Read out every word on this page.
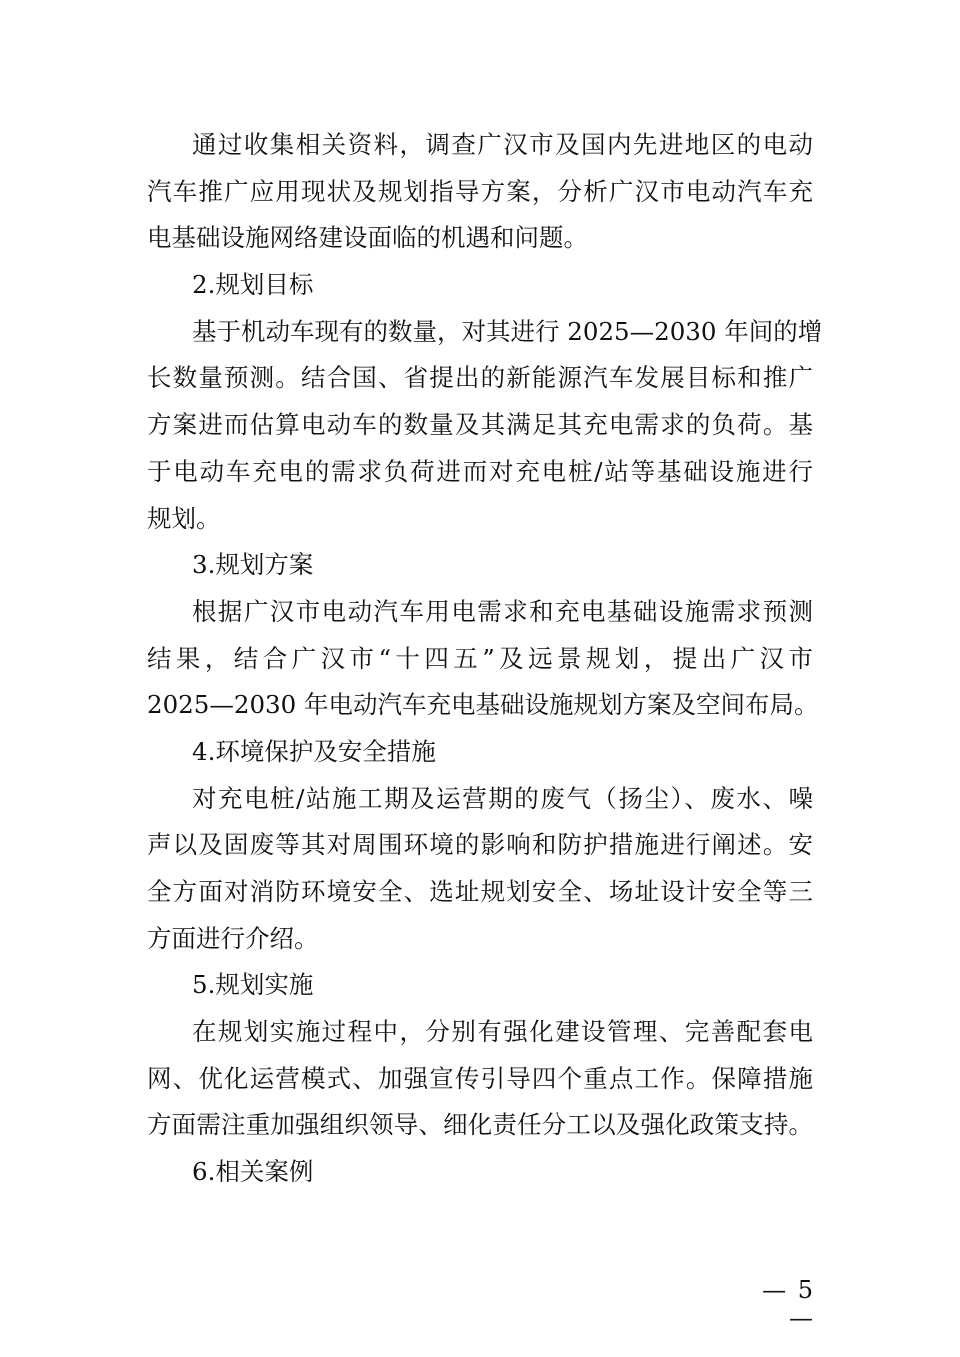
通过收集相关资料，调查广汉市及国内先进地区的电动
汽车推广应用现状及规划指导方案，分析广汉市电动汽车充
电基础设施网络建设面临的机遇和问题。
2.规划目标
基于机动车现有的数量，对其进行 2025—2030 年间的增
长数量预测。结合国、省提出的新能源汽车发展目标和推广
方案进而估算电动车的数量及其满足其充电需求的负荷。基
于电动车充电的需求负荷进而对充电桩/站等基础设施进行
规划。
3.规划方案
根据广汉市电动汽车用电需求和充电基础设施需求预测
结果，结合广汉市“十四五”及远景规划，提出广汉市
2025—2030 年电动汽车充电基础设施规划方案及空间布局。
4.环境保护及安全措施
对充电桩/站施工期及运营期的废气（扬尘）、废水、噪
声以及固废等其对周围环境的影响和防护措施进行阐述。安
全方面对消防环境安全、选址规划安全、场址设计安全等三
方面进行介绍。
5.规划实施
在规划实施过程中，分别有强化建设管理、完善配套电
网、优化运营模式、加强宣传引导四个重点工作。保障措施
方面需注重加强组织领导、细化责任分工以及强化政策支持。
6.相关案例
— 5 —
